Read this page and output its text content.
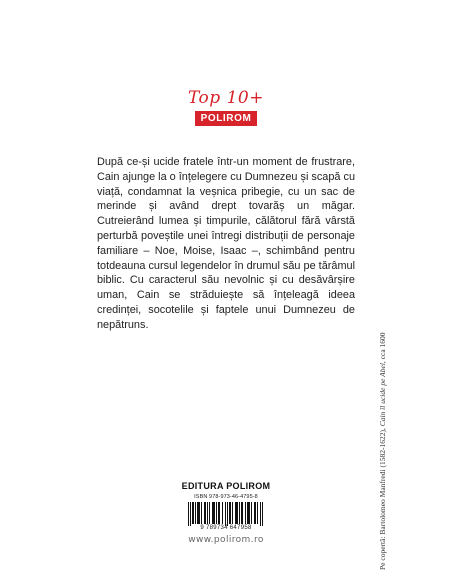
Top 10+
POLIROM

După ce-și ucide fratele într-un moment de frustrare, Cain ajunge la o înțelegere cu Dumnezeu și scapă cu viață, condamnat la veșnica pribegie, cu un sac de merinde și având drept tovarăș un măgar. Cutreierând lumea și timpurile, călătorul fără vârstă perturbă poveștile unei întregi distribuții de personaje familiare – Noe, Moise, Isaac –, schimbând pentru totdeauna cursul legendelor în drumul său pe tărâmul biblic. Cu caracterul său nevolnic și cu desăvârșire uman, Cain se străduiește să înțeleagă ideea credinței, socotelile și faptele unui Dumnezeu de nepătruns.

Pe copertă: Bartolomeo Manfredi (1582-1622), Cain îl ucide pe Abel, cca 1600
EDITURA POLIROM
ISBN 978-973-46-4795-8
9 789734 647958
www.polirom.ro
